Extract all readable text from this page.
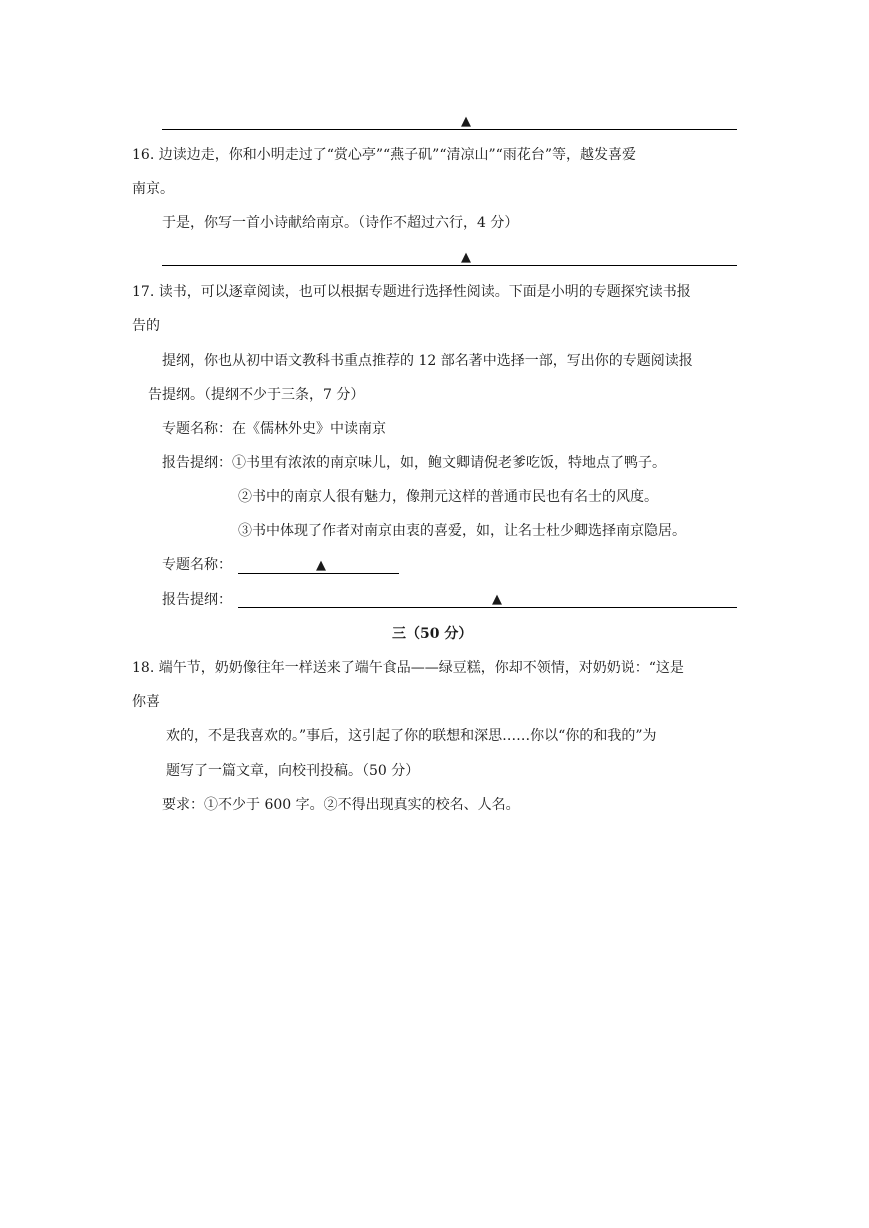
▲
16. 边读边走，你和小明走过了“赏心亭”“燕子矶”“清凉山”“雨花台”等，越发喜爱
南京。
于是，你写一首小诗献给南京。（诗作不超过六行，4 分）
▲
17. 读书，可以逐章阅读，也可以根据专题进行选择性阅读。下面是小明的专题探究读书报
告的
提纲，你也从初中语文教科书重点推荐的 12 部名著中选择一部，写出你的专题阅读报
告提纲。（提纲不少于三条，7 分）
专题名称：在《儒林外史》中读南京
报告提纲：①书里有浓浓的南京味儿，如，鲍文卿请倪老爹吃饭，特地点了鸭子。
②书中的南京人很有魅力，像荆元这样的普通市民也有名士的风度。
③书中体现了作者对南京由衷的喜爱，如，让名士杜少卿选择南京隐居。
专题名称：	▲
报告提纲：	▲
三（50 分）
18. 端午节，奶奶像往年一样送来了端午食品——绿豆糕，你却不领情，对奶奶说：“这是
你喜
欢的，不是我喜欢的。”事后，这引起了你的联想和深思……你以“你的和我的”为
题写了一篇文章，向校刊投稿。（50 分）
要求：①不少于 600 字。②不得出现真实的校名、人名。
